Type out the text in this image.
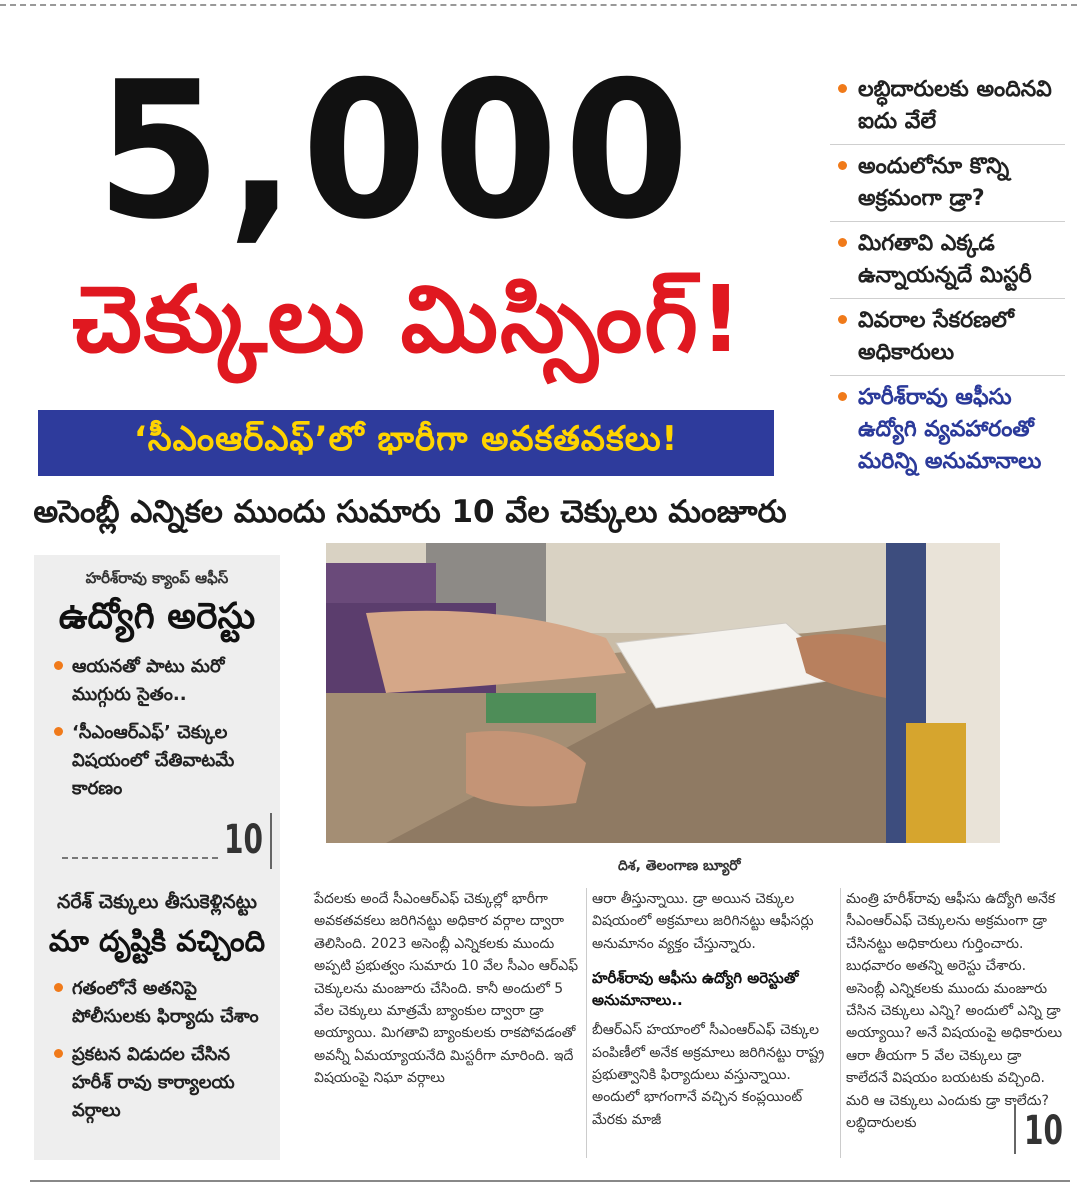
5,000
చెక్కులు మిస్సింగ్!
‘సీఎంఆర్ఎఫ్’లో భారీగా అవకతవకలు!
అసెంబ్లీ ఎన్నికల ముందు సుమారు 10 వేల చెక్కులు మంజూరు
లబ్ధిదారులకు అందినవి ఐదు వేలే
అందులోనూ కొన్ని అక్రమంగా డ్రా?
మిగతావి ఎక్కడ ఉన్నాయన్నదే మిస్టరీ
వివరాల సేకరణలో అధికారులు
హరీశ్‌రావు ఆఫీసు ఉద్యోగి వ్యవహారంతో మరిన్ని అనుమానాలు
హరీశ్‌రావు క్యాంప్ ఆఫీస్
ఉద్యోగి అరెస్టు
ఆయనతో పాటు మరో ముగ్గురు సైతం..
‘సీఎంఆర్ఎఫ్’ చెక్కుల విషయంలో చేతివాటమే కారణం
10
నరేశ్ చెక్కులు తీసుకెళ్లినట్టు
మా దృష్టికి వచ్చింది
గతంలోనే అతనిపై పోలీసులకు ఫిర్యాదు చేశాం
ప్రకటన విడుదల చేసిన హరీశ్ రావు కార్యాలయ వర్గాలు
దిశ, తెలంగాణ బ్యూరో
పేదలకు అందే సీఎంఆర్ఎఫ్ చెక్కుల్లో భారీగా అవకతవకలు జరిగినట్టు అధికార వర్గాల ద్వారా తెలిసింది. 2023 అసెంబ్లీ ఎన్నికలకు ముందు అప్పటి ప్రభుత్వం సుమారు 10 వేల సీఎం ఆర్ఎఫ్ చెక్కులను మంజూరు చేసింది. కానీ అందులో 5 వేల చెక్కులు మాత్రమే బ్యాంకుల ద్వారా డ్రా అయ్యాయి. మిగతావి బ్యాంకులకు రాకపోవడంతో అవన్నీ ఏమయ్యాయనేది మిస్టరీగా మారింది. ఇదే విషయంపై నిఘా వర్గాలు
ఆరా తీస్తున్నాయి. డ్రా అయిన చెక్కుల విషయంలో అక్రమాలు జరిగినట్టు ఆఫీసర్లు అనుమానం వ్యక్తం చేస్తున్నారు.
హరీశ్‌రావు ఆఫీసు ఉద్యోగి అరెస్టుతో అనుమానాలు..
బీఆర్ఎస్ హయాంలో సీఎంఆర్ఎఫ్ చెక్కుల పంపిణీలో అనేక అక్రమాలు జరిగినట్టు రాష్ట్ర ప్రభుత్వానికి ఫిర్యాదులు వస్తున్నాయి. అందులో భాగంగానే వచ్చిన కంప్లయింట్ మేరకు మాజీ
మంత్రి హరీశ్‌రావు ఆఫీసు ఉద్యోగి అనేక సీఎంఆర్ఎఫ్ చెక్కులను అక్రమంగా డ్రా చేసినట్టు అధికారులు గుర్తించారు. బుధవారం అతన్ని అరెస్టు చేశారు. అసెంబ్లీ ఎన్నికలకు ముందు మంజూరు చేసిన చెక్కులు ఎన్ని? అందులో ఎన్ని డ్రా అయ్యాయి? అనే విషయంపై అధికారులు ఆరా తీయగా 5 వేల చెక్కులు డ్రా కాలేదనే విషయం బయటకు వచ్చింది. మరి ఆ చెక్కులు ఎందుకు డ్రా కాలేదు? లబ్ధిదారులకు	10
